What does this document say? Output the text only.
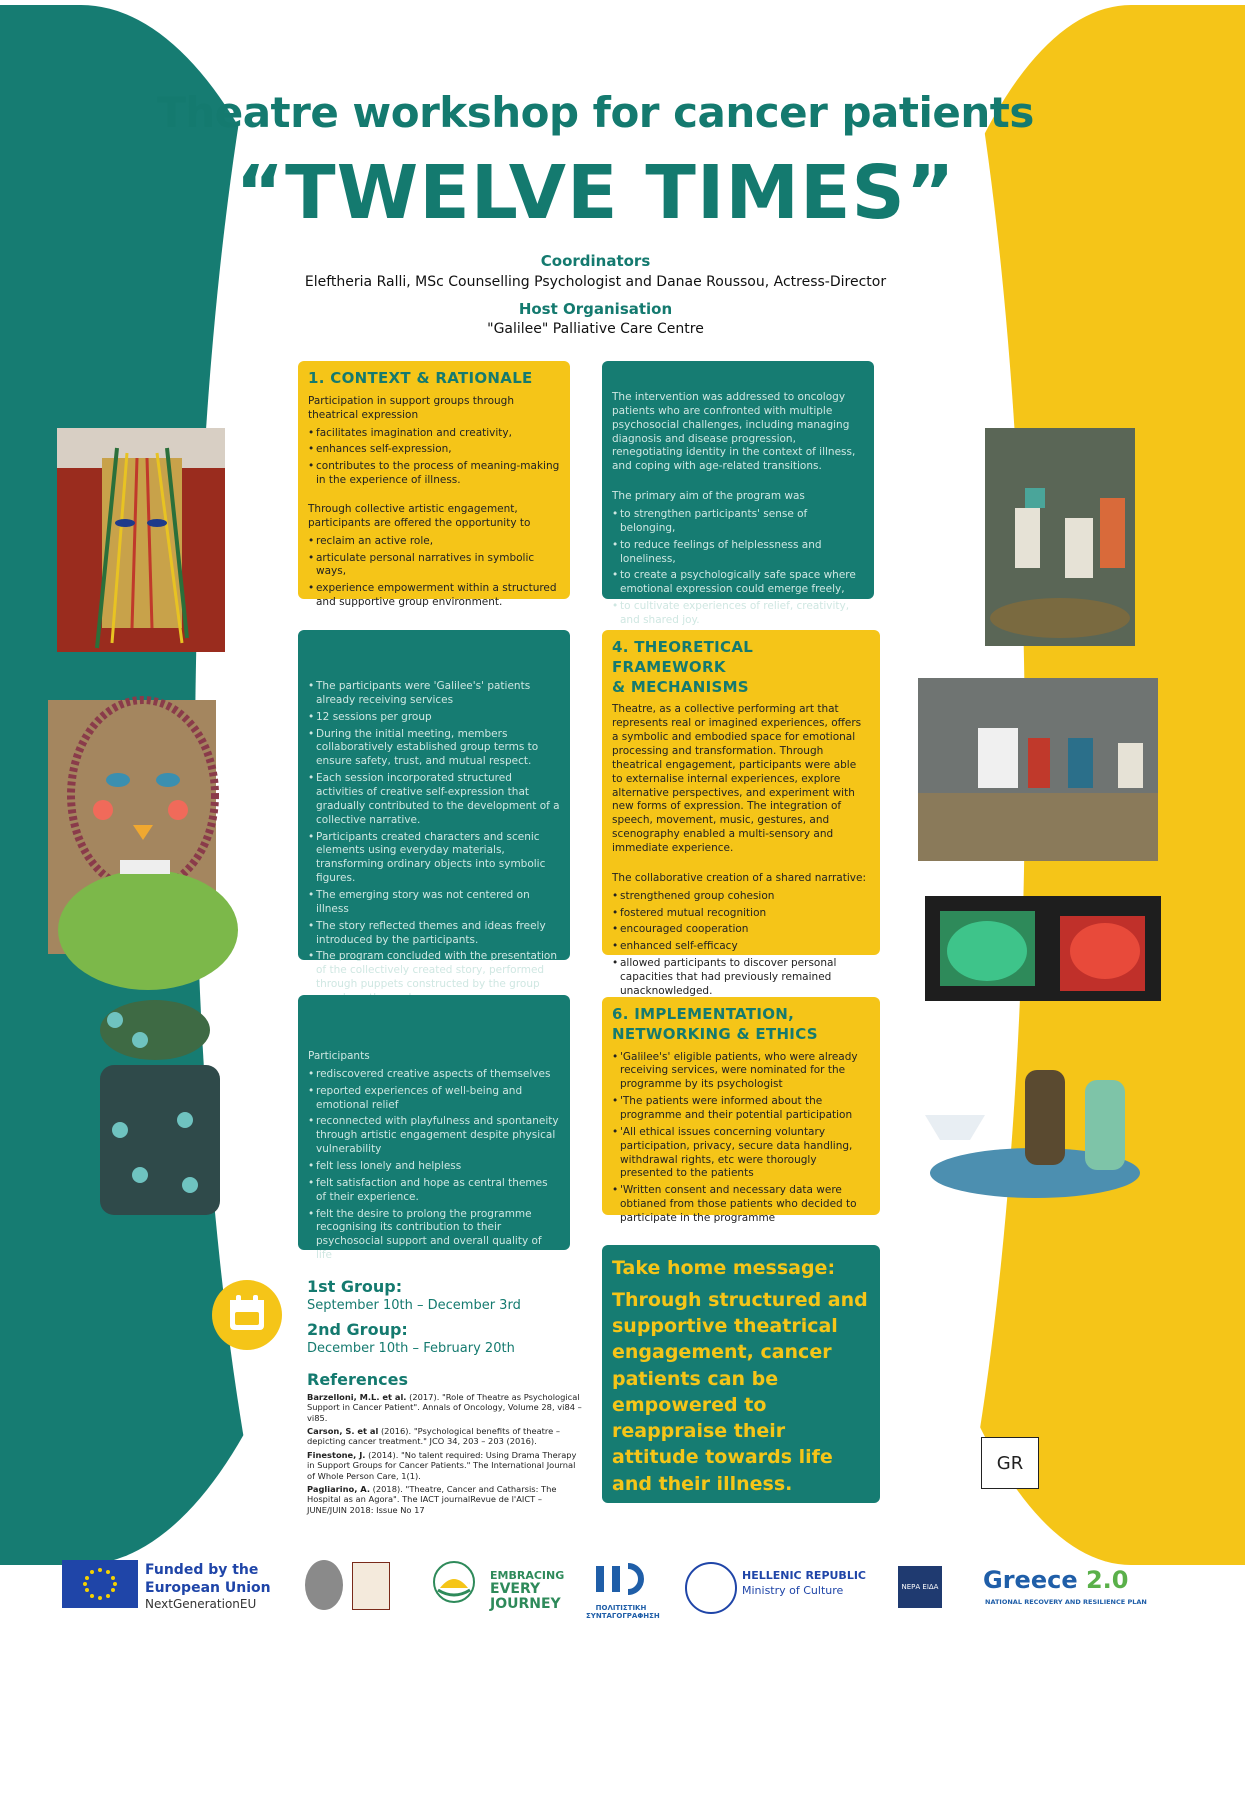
Theatre workshop for cancer patients
“TWELVE TIMES”
Coordinators
Eleftheria Ralli, MSc Counselling Psychologist and Danae Roussou, Actress-Director
Host Organisation
"Galilee" Palliative Care Centre
1. CONTEXT & RATIONALE

Participation in support groups through theatrical expression

• facilitates imagination and creativity,
• enhances self-expression,
• contributes to the process of meaning-making in the experience of illness.

Through collective artistic engagement, participants are offered the opportunity to

• reclaim an active role,
• articulate personal narratives in symbolic ways,
• experience empowerment within a structured and supportive group environment.

The intervention was addressed to oncology patients who are confronted with multiple psychosocial challenges, including managing diagnosis and disease progression, renegotiating identity in the context of illness, and coping with age-related transitions.

The primary aim of the program was

• to strengthen participants' sense of belonging,
• to reduce feelings of helplessness and loneliness,
• to create a psychologically safe space where emotional expression could emerge freely,
• to cultivate experiences of relief, creativity, and shared joy.
• The participants were 'Galilee's' patients already receiving services
• 12 sessions per group
• During the initial meeting, members collaboratively established group terms to ensure safety, trust, and mutual respect.
• Each session incorporated structured activities of creative self-expression that gradually contributed to the development of a collective narrative.
• Participants created characters and scenic elements using everyday materials, transforming ordinary objects into symbolic figures.
• The emerging story was not centered on illness
• The story reflected themes and ideas freely introduced by the participants.
• The program concluded with the presentation of the collectively created story, performed through puppets constructed by the group
4. THEORETICAL FRAMEWORK
& MECHANISMS

Theatre, as a collective performing art that represents real or imagined experiences, offers a symbolic and embodied space for emotional processing and transformation. Through theatrical engagement, participants were able to externalise internal experiences, explore alternative perspectives, and experiment with new forms of expression. The integration of speech, movement, music, gestures, and scenography enabled a multi-sensory and immediate experience.

The collaborative creation of a shared narrative:

• strengthened group cohesion
• fostered mutual recognition
• encouraged cooperation
• enhanced self-efficacy
• allowed participants to discover personal capacities that had previously remained unacknowledged.

Participants

• rediscovered creative aspects of themselves
• reported experiences of well-being and emotional relief
• reconnected with playfulness and spontaneity through artistic engagement despite physical vulnerability
• felt less lonely and helpless
• felt satisfaction and hope as central themes of their experience.
• felt the desire to prolong the programme recognising its contribution to their psychosocial support and overall quality of life
6. IMPLEMENTATION,
NETWORKING & ETHICS
• 'Galilee's' eligible patients, who were already receiving services, were nominated for the programme by its psychologist
• 'The patients were informed about the programme and their potential participation
• 'All ethical issues concerning voluntary participation, privacy, secure data handling, withdrawal rights, etc were thorougly presented to the patients
• 'Written consent and necessary data were obtianed from those patients who decided to participate in the programme
Take home message:
Through structured and supportive theatrical engagement, cancer patients can be empowered to reappraise their attitude towards life and their illness.
GR
1st Group:
September 10th – December 3rd
2nd Group:
December 10th – February 20th
References

Barzelloni, M.L. et al. (2017). "Role of Theatre as Psychological Support in Cancer Patient". Annals of Oncology, Volume 28, vi84 – vi85.

Carson, S. et al (2016). "Psychological benefits of theatre – depicting cancer treatment." JCO 34, 203 – 203 (2016).

Finestone, J. (2014). "No talent required: Using Drama Therapy in Support Groups for Cancer Patients." The International Journal of Whole Person Care, 1(1).

Pagliarino, A. (2018). "Theatre, Cancer and Catharsis: The Hospital as an Agora". The IACT journalRevue de l'AICT – JUNE/JUIN 2018: Issue No 17

Funded by the
European Union
NextGenerationEU
EMBRACING
EVERY
JOURNEY	ΠΟΛΙΤΙΣΤΙΚΗ ΣΥΝΤΑΓΟΓΡΑΦΗΣΗ
HELLENIC REPUBLIC
Ministry of Culture	ΝΕΡΑ ΕΙΔΑ Greece 2.0
NATIONAL RECOVERY AND RESILIENCE PLAN
